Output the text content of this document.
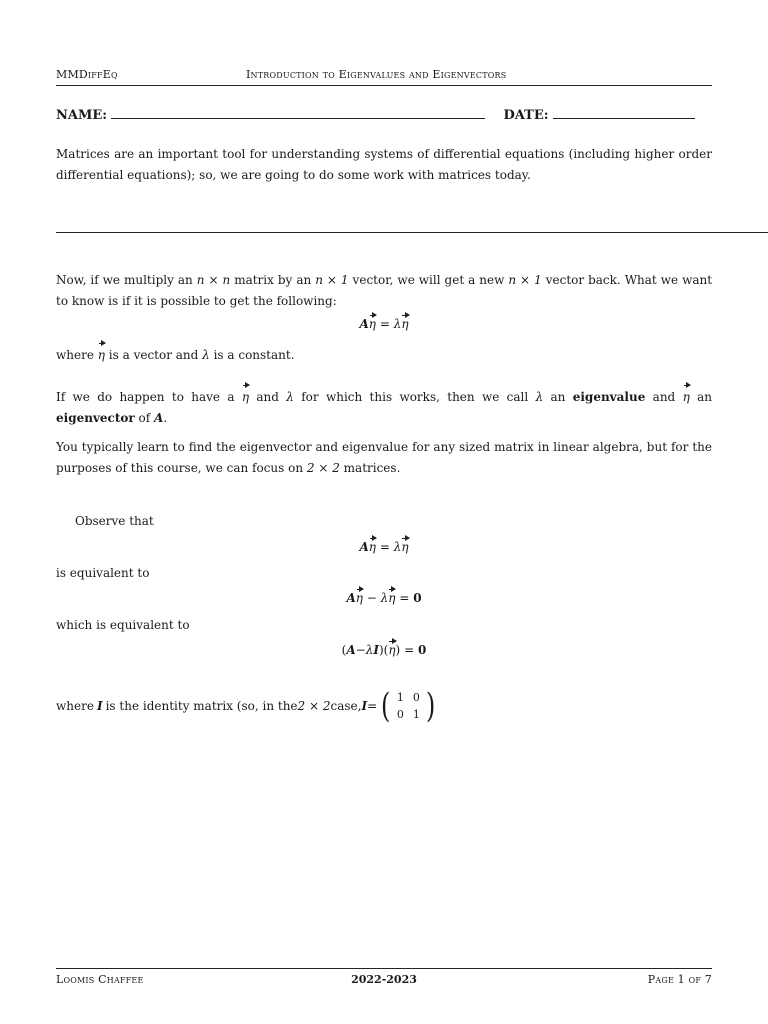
MMDiffEq	Introduction to Eigenvalues and Eigenvectors
NAME:	DATE:
Matrices are an important tool for understanding systems of differential equations (including higher order differential equations); so, we are going to do some work with matrices today.
Now, if we multiply an n × n matrix by an n × 1 vector, we will get a new n × 1 vector back. What we want to know is if it is possible to get the following:
Aη = λη
where η is a vector and λ is a constant.
If we do happen to have a η and λ for which this works, then we call λ an eigenvalue and η an eigenvector of A.
You typically learn to find the eigenvector and eigenvalue for any sized matrix in linear algebra, but for the purposes of this course, we can focus on 2 × 2 matrices.
Observe that
Aη = λη
is equivalent to
Aη − λη = 0
which is equivalent to
(A−λI)(η) = 0
where I is the identity matrix (so, in the 2 × 2 case, I = ( 1 0
0 1 )
Loomis Chaffee	2022-2023	Page 1 of 7
